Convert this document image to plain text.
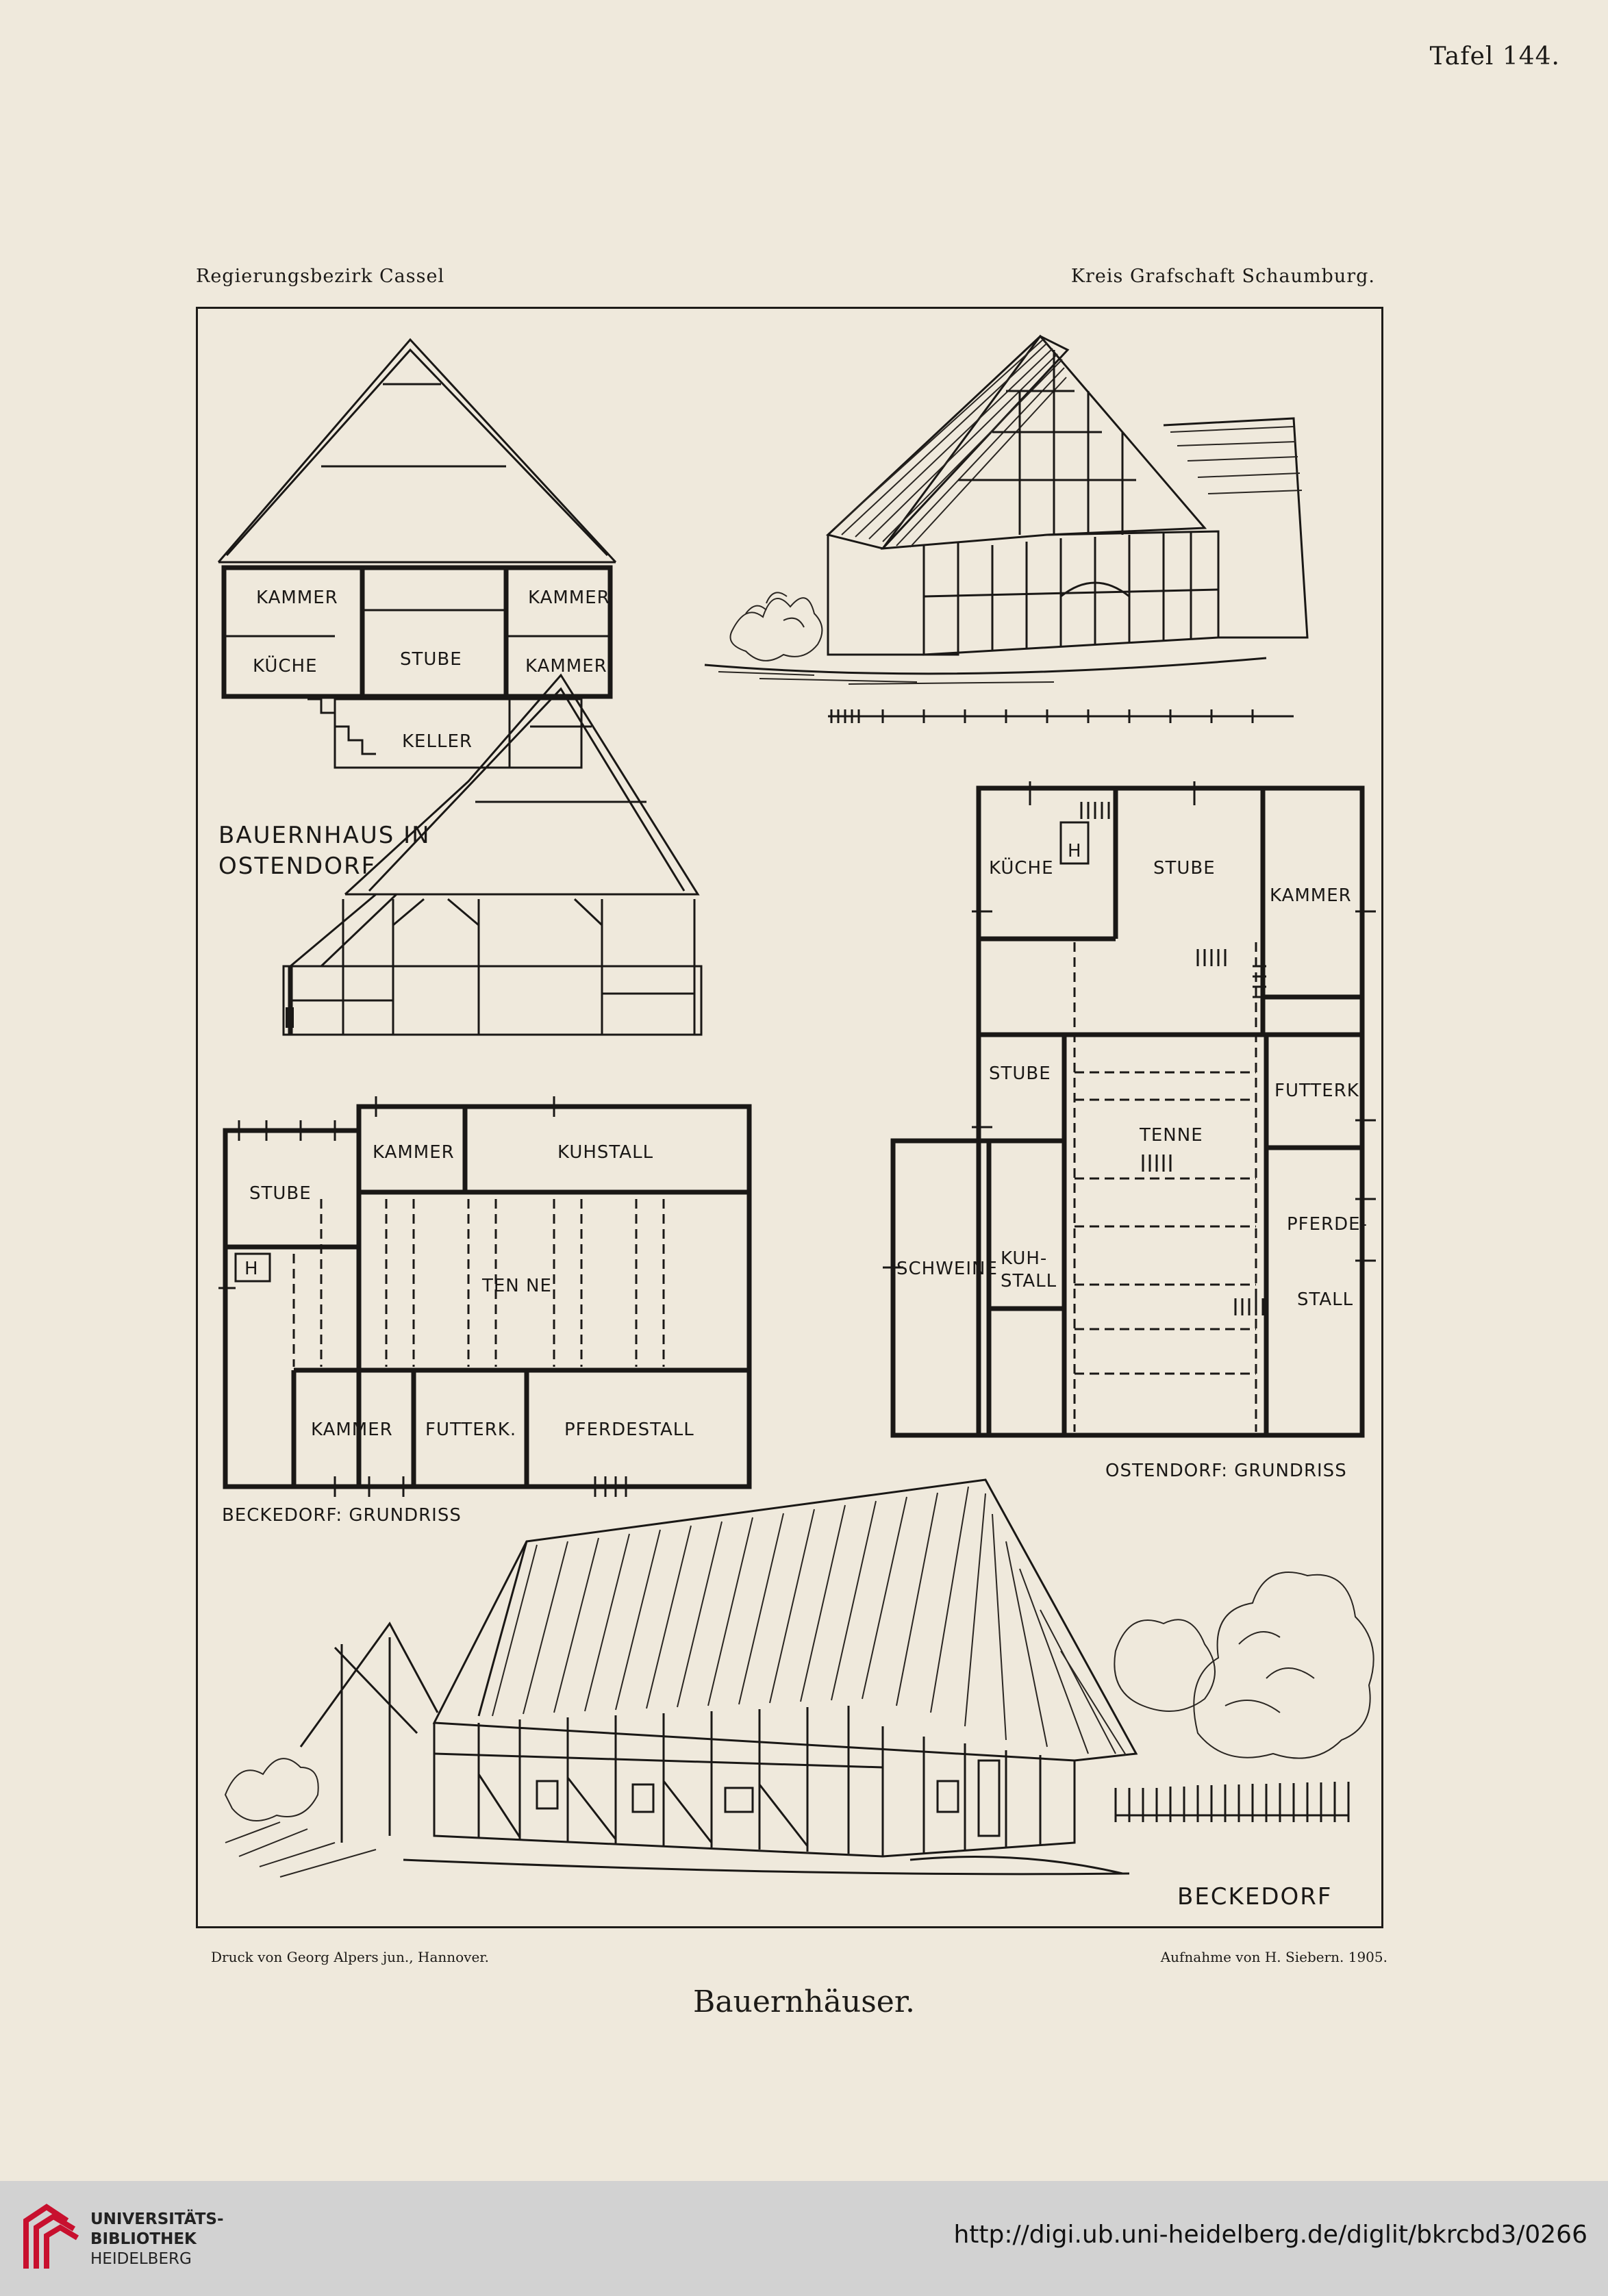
Tafel 144.
Regierungsbezirk Cassel	Kreis Grafschaft Schaumburg.
KAMMER	KAMMER
KÜCHE	STUBE	KAMMER
KELLER
BAUERNHAUS IN
OSTENDORF	KÜCHE
H
STUBE
KAMMER
STUBE
FUTTERK.
TENNE
PFERDE-
STALL
SCHWEINE KUH-
STALL
OSTENDORF: GRUNDRISS
STUBE
KAMMER	KUHSTALL
H
TEN NE
KAMMER FUTTERK.	PFERDESTALL
BECKEDORF: GRUNDRISS
BECKEDORF
Druck von Georg Alpers jun., Hannover.	Aufnahme von H. Siebern. 1905.
Bauernhäuser.
UNIVERSITÄTS-
BIBLIOTHEK
HEIDELBERG
http://digi.ub.uni-heidelberg.de/diglit/bkrcbd3/0266
